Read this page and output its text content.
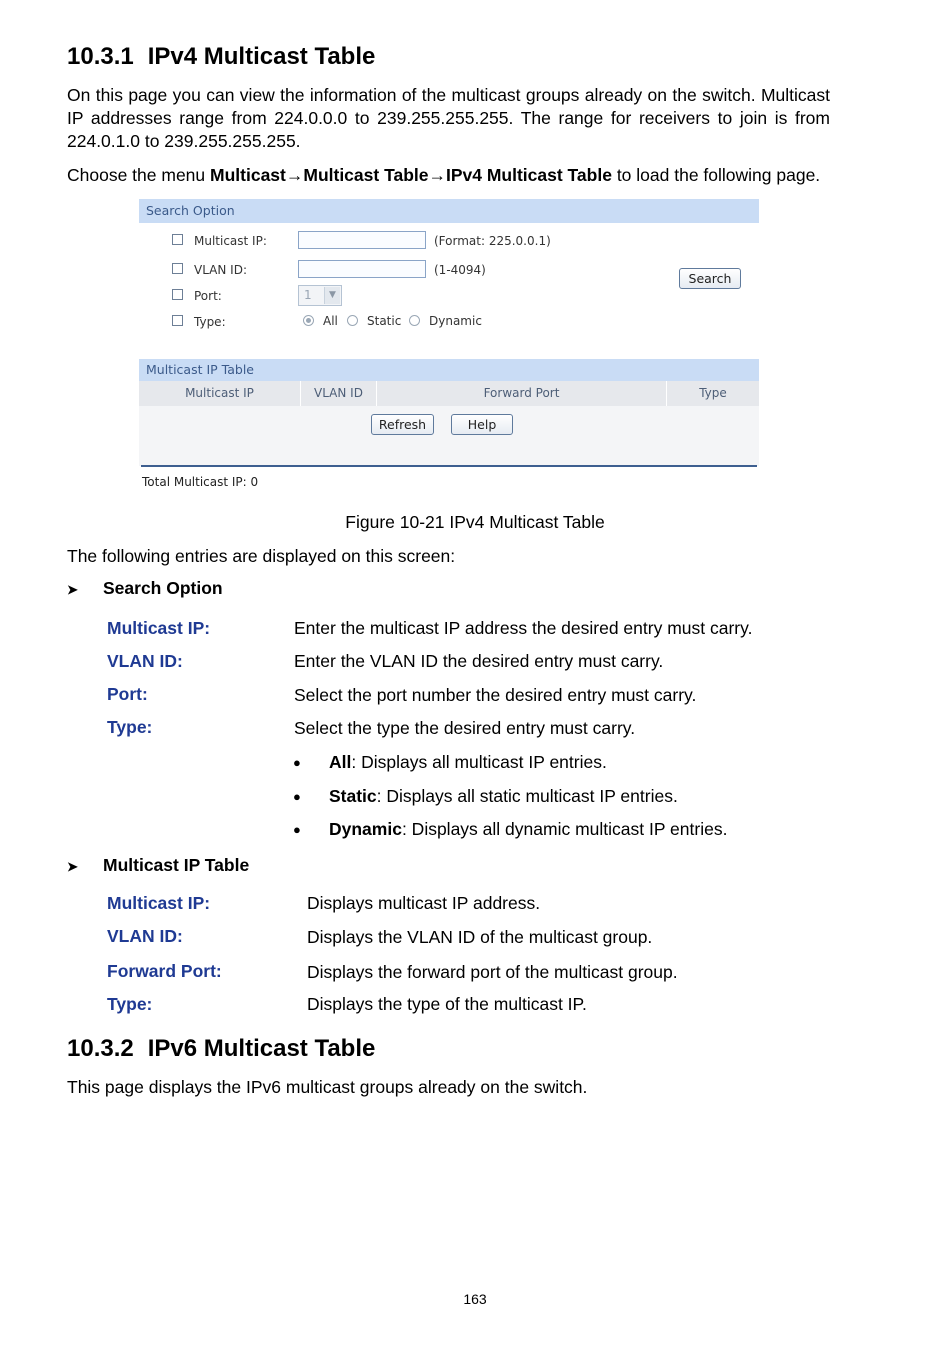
10.3.1 IPv4 Multicast Table
On this page you can view the information of the multicast groups already on the switch. Multicast
IP addresses range from 224.0.0.0 to 239.255.255.255. The range for receivers to join is from
224.0.1.0 to 239.255.255.255.
Choose the menu Multicast→Multicast Table→IPv4 Multicast Table to load the following page.
Search Option
Multicast IP:	(Format: 225.0.0.1)
VLAN ID:	(1-4094)
Search
Port:	1	▼
Type:	All Static Dynamic
Multicast IP Table
Multicast IP	VLAN ID	Forward Port	Type
Refresh	Help
Total Multicast IP: 0
Figure 10-21 IPv4 Multicast Table
The following entries are displayed on this screen:
➤ Search Option
Multicast IP:	Enter the multicast IP address the desired entry must carry.
VLAN ID:	Enter the VLAN ID the desired entry must carry.
Port:	Select the port number the desired entry must carry.
Type:	Select the type the desired entry must carry.
● All: Displays all multicast IP entries.
● Static: Displays all static multicast IP entries.
● Dynamic: Displays all dynamic multicast IP entries.
➤ Multicast IP Table
Multicast IP:	Displays multicast IP address.
VLAN ID:	Displays the VLAN ID of the multicast group.
Forward Port:	Displays the forward port of the multicast group.
Type:	Displays the type of the multicast IP.
10.3.2 IPv6 Multicast Table
This page displays the IPv6 multicast groups already on the switch.
163
